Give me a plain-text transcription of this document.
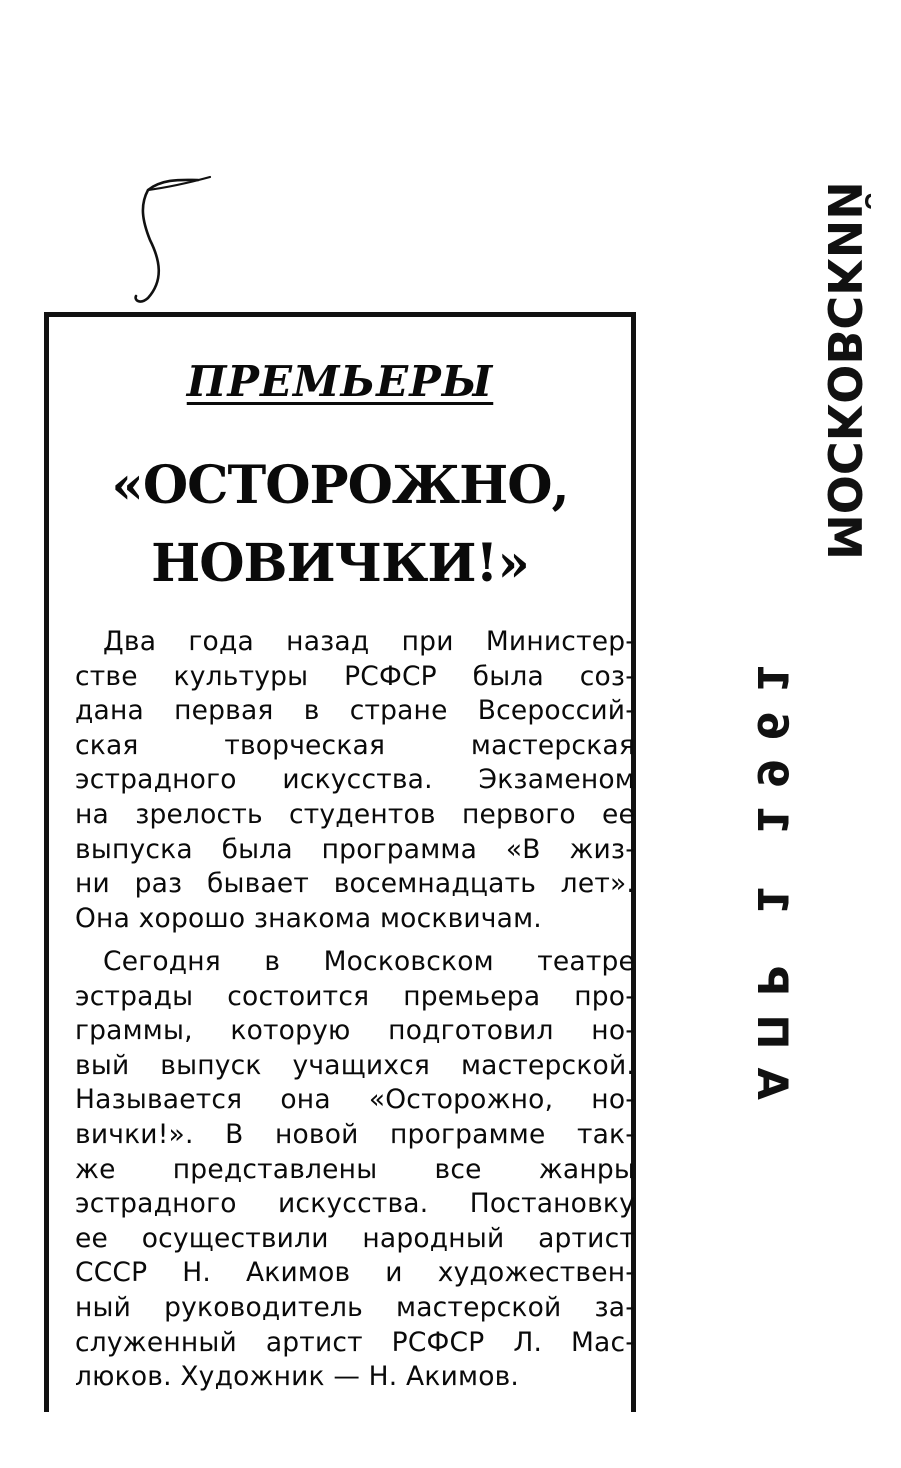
ПРЕМЬЕРЫ
«ОСТОРОЖНО,
НОВИЧКИ!»
Два года назад при Министер-
стве культуры РСФСР была соз-
дана первая в стране Всероссий-
ская творческая мастерская
эстрадного искусства. Экзаменом
на зрелость студентов первого ее
выпуска была программа «В жиз-
ни раз бывает восемнадцать лет».
Она хорошо знакома москвичам.
Сегодня в Московском театре
эстрады состоится премьера про-
граммы, которую подготовил но-
вый выпуск учащихся мастерской.
Называется она «Осторожно, но-
вички!». В новой программе так-
же представлены все жанры
эстрадного искусства. Постановку
ее осуществили народный артист
СССР Н. Акимов и художествен-
ный руководитель мастерской за-
служенный артист РСФСР Л. Мас-
люков. Художник — Н. Акимов.
МОСКОВСКИЙ
АПР 1 1961
